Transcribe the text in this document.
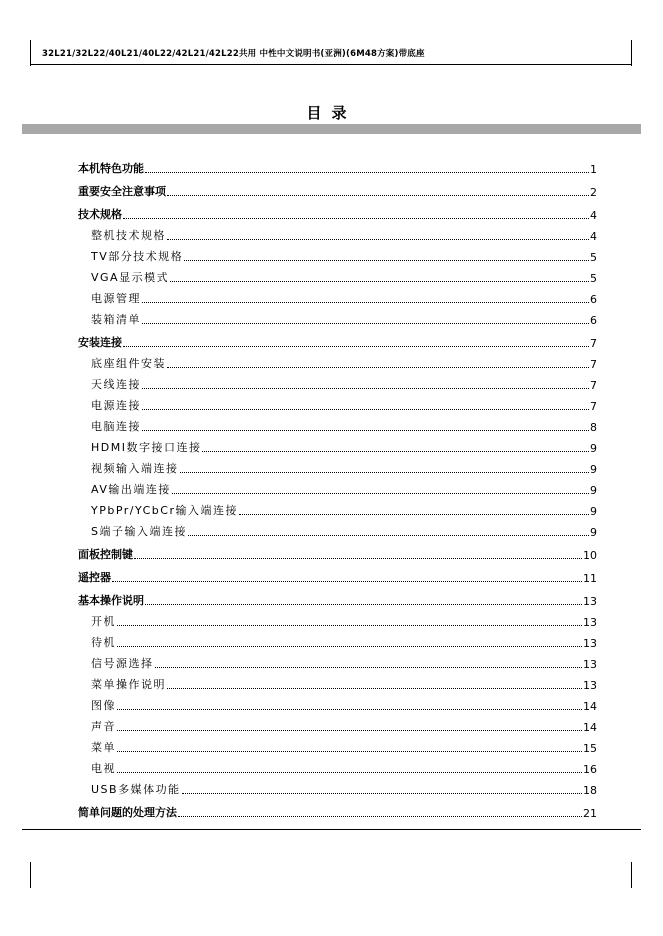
32L21/32L22/40L21/40L22/42L21/42L22共用 中性中文说明书(亚洲)(6M48方案)带底座
目录
本机特色功能	1
重要安全注意事项	2
技术规格	4
整机技术规格	4
TV部分技术规格	5
VGA显示模式	5
电源管理	6
装箱清单	6
安装连接	7
底座组件安装	7
天线连接	7
电源连接	7
电脑连接	8
HDMI数字接口连接	9
视频输入端连接	9
AV输出端连接	9
YPbPr/YCbCr输入端连接	9
S端子输入端连接	9
面板控制键	10
遥控器	11
基本操作说明	13
开机	13
待机	13
信号源选择	13
菜单操作说明	13
图像	14
声音	14
菜单	15
电视	16
USB多媒体功能	18
简单问题的处理方法	21
